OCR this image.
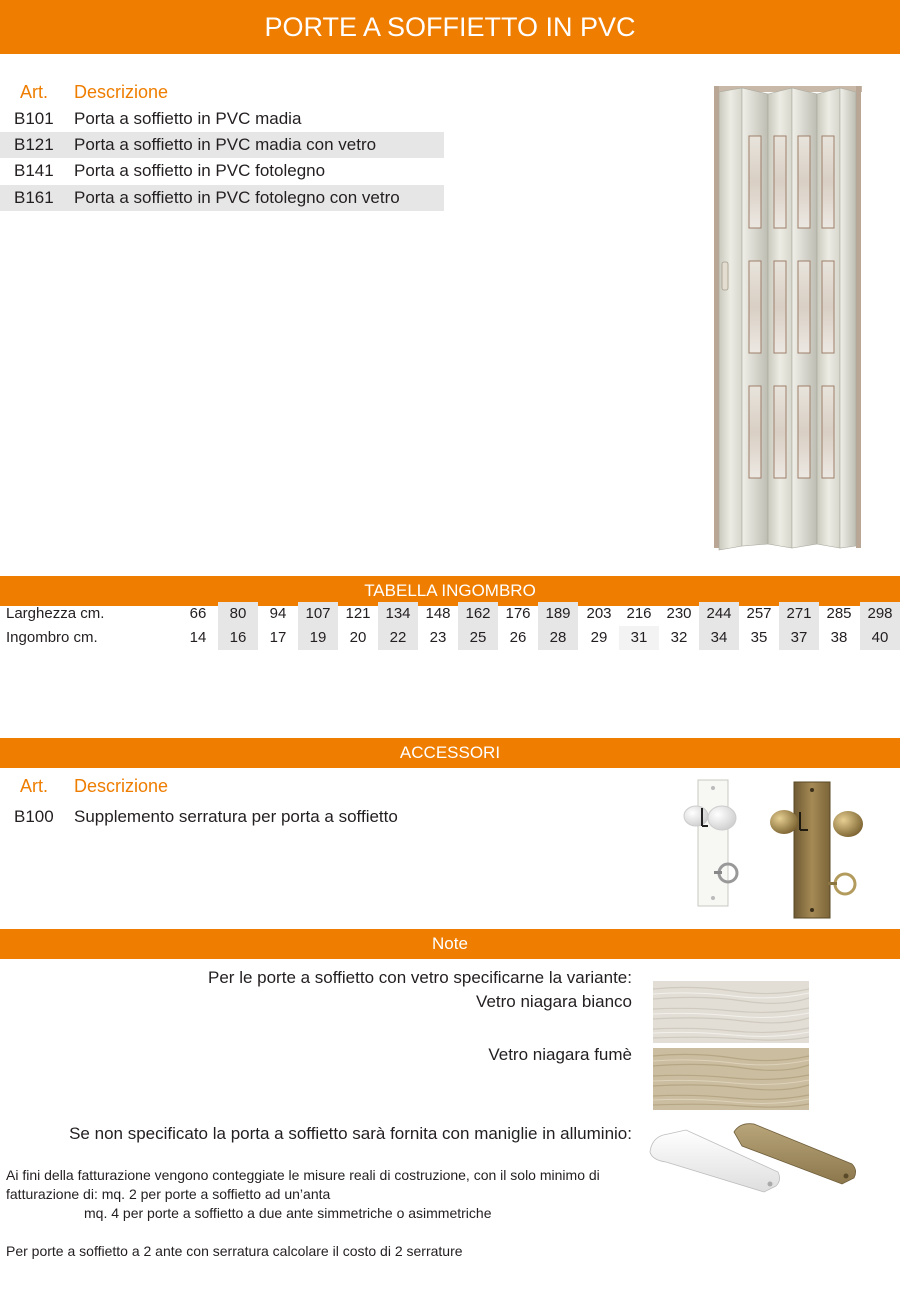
PORTE A SOFFIETTO IN PVC
Art. Descrizione
B101 Porta a soffietto in PVC madia
B121 Porta a soffietto in PVC madia con vetro
B141 Porta a soffietto in PVC fotolegno
B161 Porta a soffietto in PVC fotolegno con vetro
TABELLA INGOMBRO
Larghezza cm.	66	80	94	107 121 134 148 162 176 189	203 216 230 244 257 271 285	298
Ingombro cm.	14	16	17	19	20	22	23	25	26	28	29	31	32	34	35	37	38	40
ACCESSORI
Art. Descrizione
B100 Supplemento serratura per porta a soffietto
Note
Per le porte a soffietto con vetro specificarne la variante:
Vetro niagara bianco
Vetro niagara fumè
Se non specificato la porta a soffietto sarà fornita con maniglie in alluminio:
Ai fini della fatturazione vengono conteggiate le misure reali di costruzione, con il solo minimo di
fatturazione di: mq. 2 per porte a soffietto ad un’anta
mq. 4 per porte a soffietto a due ante simmetriche o asimmetriche
Per porte a soffietto a 2 ante con serratura calcolare il costo di 2 serrature
